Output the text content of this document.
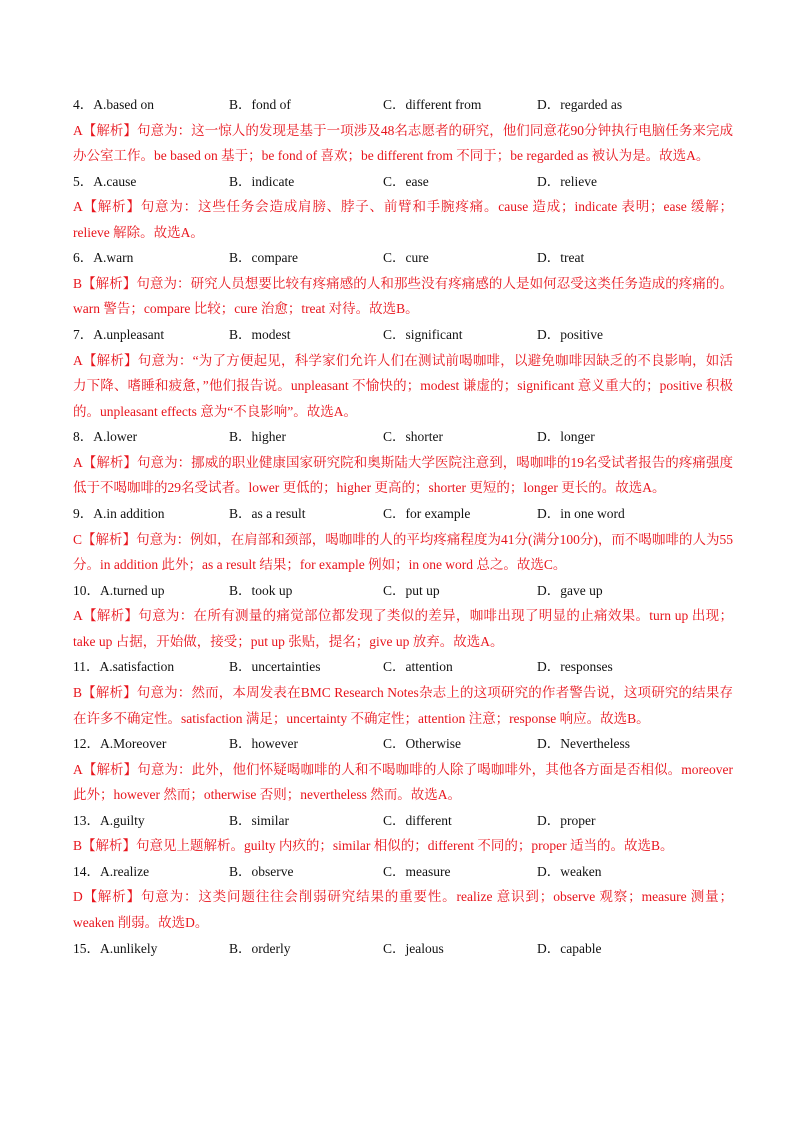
4．A.based on	B．fond of	C．different from	D．regarded as

A【解析】句意为：这一惊人的发现是基于一项涉及48名志愿者的研究，他们同意花90分钟执行电脑任务来完成办公室工作。be based on 基于；be fond of 喜欢；be different from 不同于；be regarded as 被认为是。故选A。

5．A.cause	B．indicate	C．ease	D．relieve

A【解析】句意为：这些任务会造成肩膀、脖子、前臂和手腕疼痛。cause 造成；indicate 表明；ease 缓解；relieve 解除。故选A。

6．A.warn	B．compare	C．cure	D．treat

B【解析】句意为：研究人员想要比较有疼痛感的人和那些没有疼痛感的人是如何忍受这类任务造成的疼痛的。warn 警告；compare 比较；cure 治愈；treat 对待。故选B。

7．A.unpleasant	B．modest	C．significant	D．positive

A【解析】句意为：“为了方便起见，科学家们允许人们在测试前喝咖啡，以避免咖啡因缺乏的不良影响，如活力下降、嗜睡和疲惫，”他们报告说。unpleasant 不愉快的；modest 谦虚的；significant 意义重大的；positive 积极的。unpleasant effects 意为“不良影响”。故选A。

8．A.lower	B．higher	C．shorter	D．longer

A【解析】句意为：挪威的职业健康国家研究院和奥斯陆大学医院注意到，喝咖啡的19名受试者报告的疼痛强度低于不喝咖啡的29名受试者。lower 更低的；higher 更高的；shorter 更短的；longer 更长的。故选A。

9．A.in addition	B．as a result	C．for example	D．in one word

C【解析】句意为：例如，在肩部和颈部，喝咖啡的人的平均疼痛程度为41分(满分100分)，而不喝咖啡的人为55分。in addition 此外；as a result 结果；for example 例如；in one word 总之。故选C。

10．A.turned up	B．took up	C．put up	D．gave up

A【解析】句意为：在所有测量的痛觉部位都发现了类似的差异，咖啡出现了明显的止痛效果。turn up 出现；take up 占据，开始做，接受；put up 张贴，提名；give up 放弃。故选A。

11．A.satisfaction	B．uncertainties	C．attention	D．responses

B【解析】句意为：然而，本周发表在BMC Research Notes杂志上的这项研究的作者警告说，这项研究的结果存在许多不确定性。satisfaction 满足；uncertainty 不确定性；attention 注意；response 响应。故选B。

12．A.Moreover	B．however	C．Otherwise	D．Nevertheless

A【解析】句意为：此外，他们怀疑喝咖啡的人和不喝咖啡的人除了喝咖啡外，其他各方面是否相似。moreover 此外；however 然而；otherwise 否则；nevertheless 然而。故选A。

13．A.guilty	B．similar	C．different	D．proper

B【解析】句意见上题解析。guilty 内疚的；similar 相似的；different 不同的；proper 适当的。故选B。

14．A.realize	B．observe	C．measure	D．weaken

D【解析】句意为：这类问题往往会削弱研究结果的重要性。realize 意识到；observe 观察；measure 测量；weaken 削弱。故选D。

15．A.unlikely	B．orderly	C．jealous	D．capable
